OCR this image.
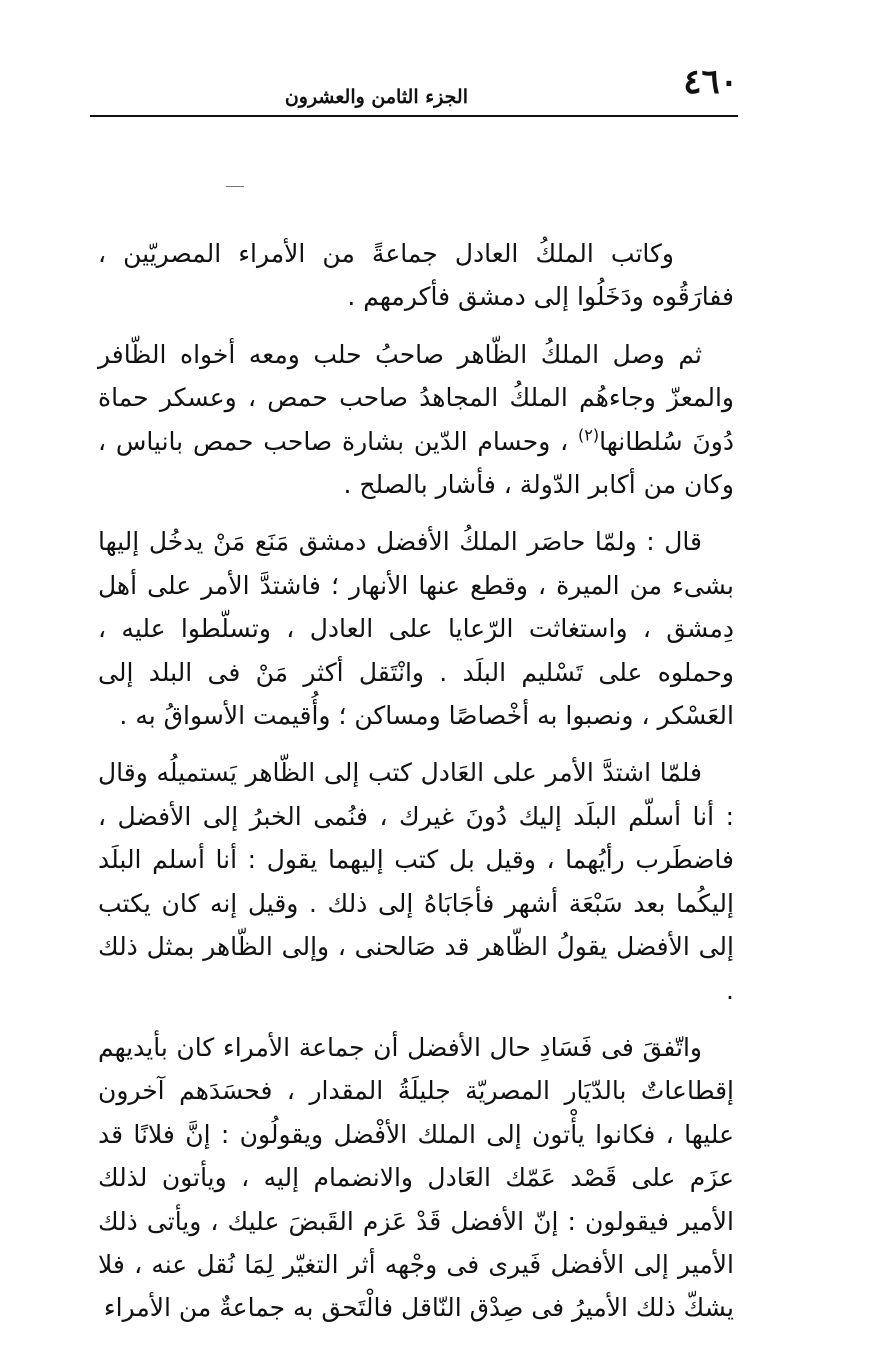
٤٦٠
الجزء الثامن والعشرون

وكاتب الملكُ العادل جماعةً من الأمراء المصريّين ، ففارَقُوه ودَخَلُوا إلى دمشق فأكرمهم .

ثم وصل الملكُ الظّاهر صاحبُ حلب ومعه أخواه الظّافر والمعزّ وجاءهُم الملكُ المجاهدُ صاحب حمص ، وعسكر حماة دُونَ سُلطانها$^{(٢)}$ ، وحسام الدّين بشارة صاحب حمص بانياس ، وكان من أكابر الدّولة ، فأشار بالصلح .

قال : ولمّا حاصَر الملكُ الأفضل دمشق مَنَع مَنْ يدخُل إليها بشىء من الميرة ، وقطع عنها الأنهار ؛ فاشتدَّ الأمر على أهل دِمشق ، واستغاثت الرّعايا على العادل ، وتسلّطوا عليه ، وحملوه على تَسْليم البلَد . وانْتَقل أكثر مَنْ فى البلد إلى العَسْكر ، ونصبوا به أخْصاصًا ومساكن ؛ وأُقيمت الأسواقُ به .

فلمّا اشتدَّ الأمر على العَادل كتب إلى الظّاهر يَستميلُه وقال : أنا أسلّم البلَد إليك دُونَ غيرك ، فنُمى الخبرُ إلى الأفضل ، فاضطَرب رأيُهما ، وقيل بل كتب إليهما يقول : أنا أسلم البلَد إليكُما بعد سَبْعَة أشهر فأجَابَاهُ إلى ذلك . وقيل إنه كان يكتب إلى الأفضل يقولُ الظّاهر قد صَالحنى ، وإلى الظّاهر بمثل ذلك .

واتّفقَ فى فَسَادِ حال الأفضل أن جماعة الأمراء كان بأيديهم إقطاعاتٌ بالدّيَار المصريّة جليلَةُ المقدار ، فحسَدَهم آخرون عليها ، فكانوا يأْتون إلى الملك الأفْضل ويقولُون : إنَّ فلانًا قد عزَم على قَصْد عَمّك العَادل والانضمام إليه ، ويأتون لذلك الأمير فيقولون : إنّ الأفضل قَدْ عَزم القَبضَ عليك ، ويأتى ذلك الأمير إلى الأفضل فَيرى فى وجْهه أثر التغيّر لِمَا نُقل عنه ، فلا يشكّ ذلك الأميرُ فى صِدْق النّاقل فالْتَحق به جماعةٌ من الأمراء
